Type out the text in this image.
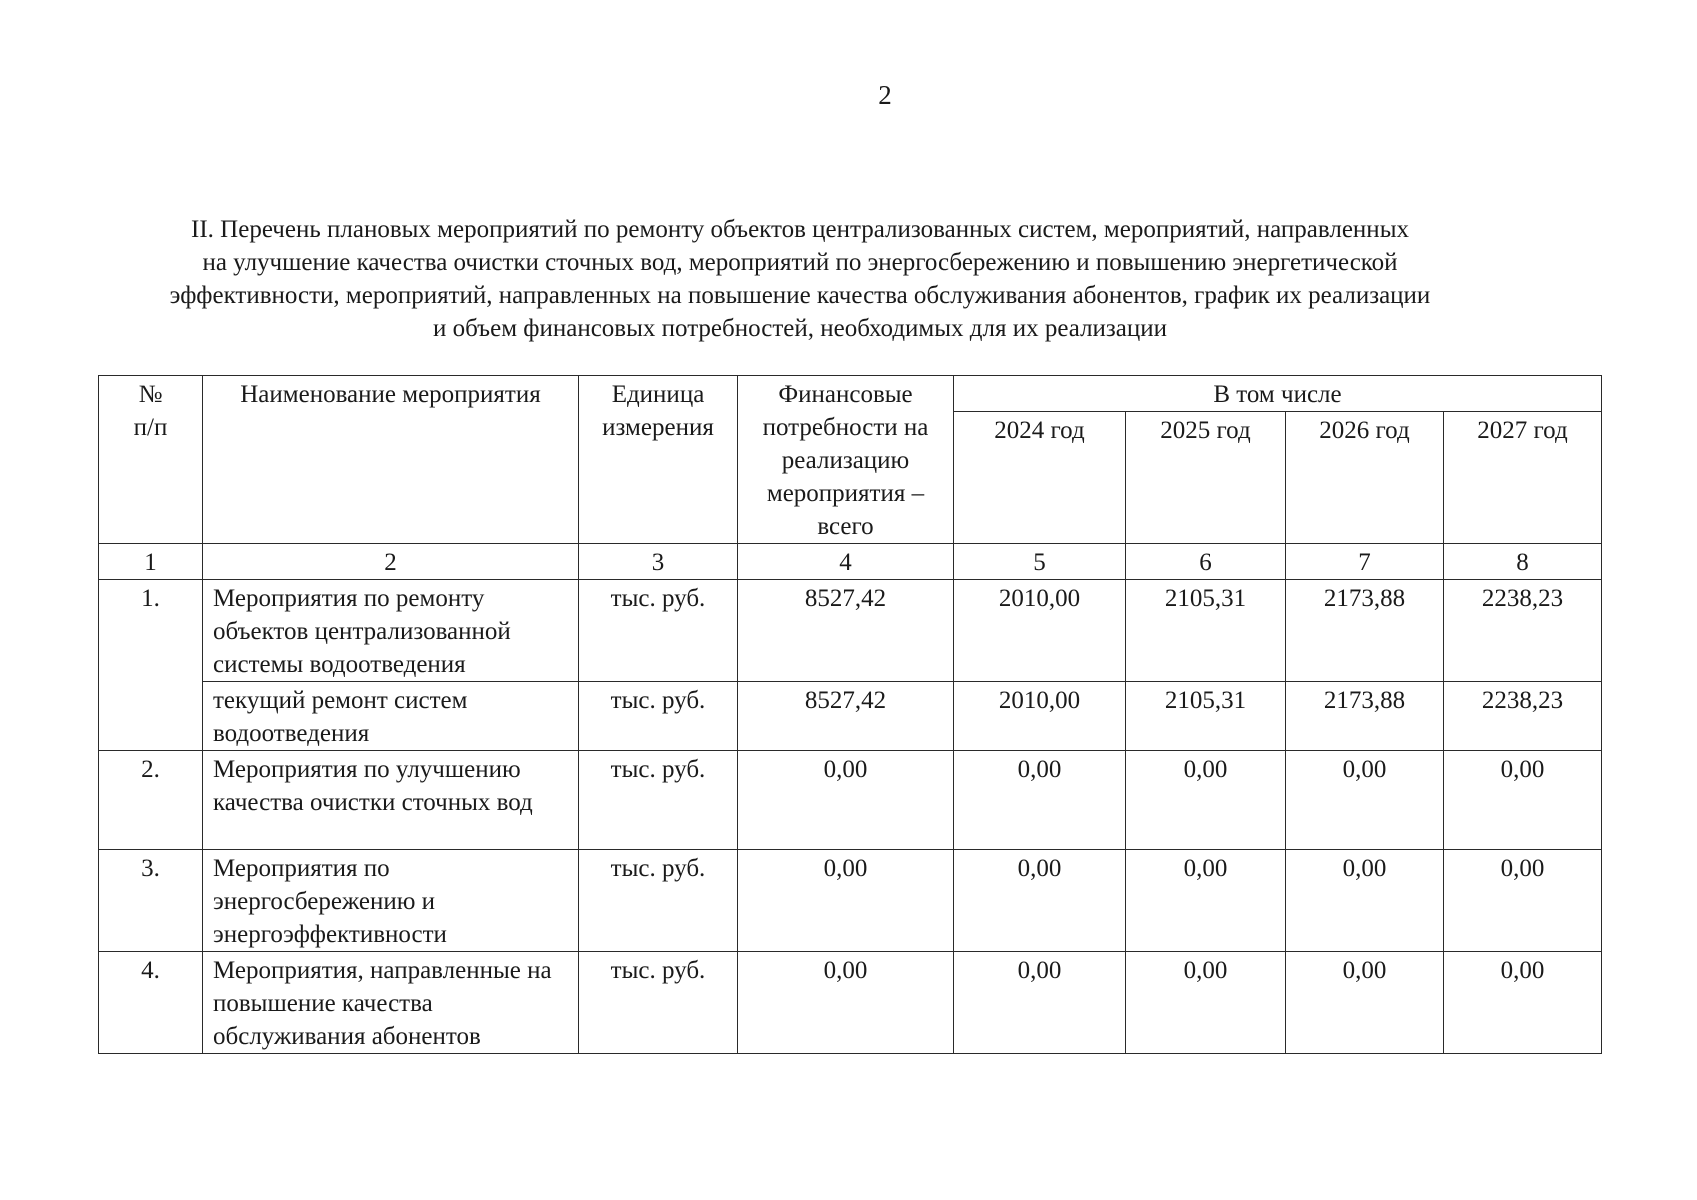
2
II. Перечень плановых мероприятий по ремонту объектов централизованных систем, мероприятий, направленных
на улучшение качества очистки сточных вод, мероприятий по энергосбережению и повышению энергетической
эффективности, мероприятий, направленных на повышение качества обслуживания абонентов, график их реализации
и объем финансовых потребностей, необходимых для их реализации
№ п/п	Наименование мероприятия	Единица измерения	Финансовые потребности на реализацию мероприятия – всего	В том числе			
				2024 год	2025 год	2026 год	2027 год
1	2	3	4	5	6	7	8
1.	Мероприятия по ремонту объектов централизованной системы водоотведения	тыс. руб.	8527,42	2010,00	2105,31	2173,88	2238,23
	текущий ремонт систем водоотведения	тыс. руб.	8527,42	2010,00	2105,31	2173,88	2238,23
2.	Мероприятия по улучшению качества очистки сточных вод	тыс. руб.	0,00	0,00	0,00	0,00	0,00
3.	Мероприятия по энергосбережению и энергоэффективности	тыс. руб.	0,00	0,00	0,00	0,00	0,00
4.	Мероприятия, направленные на повышение качества обслуживания абонентов	тыс. руб.	0,00	0,00	0,00	0,00	0,00
